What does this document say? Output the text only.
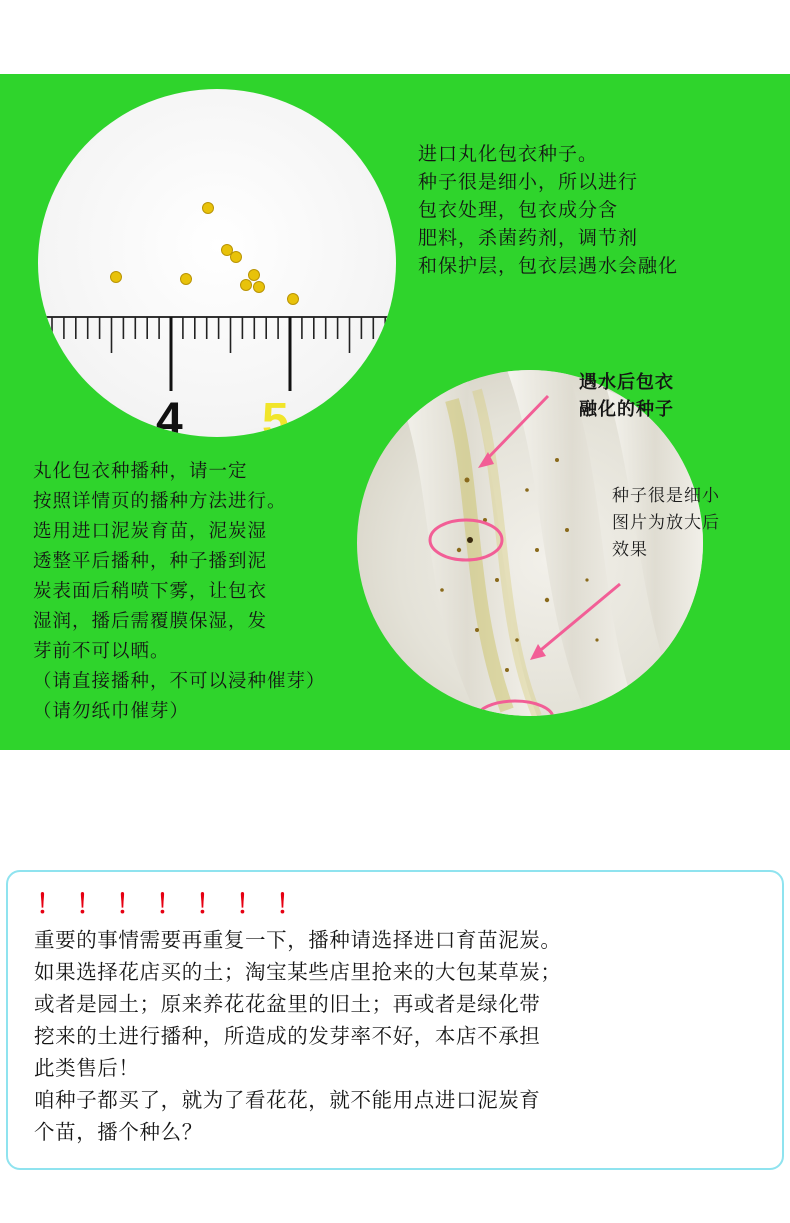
4 5
进口丸化包衣种子。
种子很是细小，所以进行
包衣处理，包衣成分含
肥料，杀菌药剂，调节剂
和保护层，包衣层遇水会融化
遇水后包衣
融化的种子
种子很是细小
图片为放大后
效果
丸化包衣种播种，请一定
按照详情页的播种方法进行。
选用进口泥炭育苗，泥炭湿
透整平后播种，种子播到泥
炭表面后稍喷下雾，让包衣
湿润，播后需覆膜保湿，发
芽前不可以晒。
（请直接播种，不可以浸种催芽）
（请勿纸巾催芽）
！！！！！！！
重要的事情需要再重复一下，播种请选择进口育苗泥炭。
如果选择花店买的土；淘宝某些店里抢来的大包某草炭；
或者是园土；原来养花花盆里的旧土；再或者是绿化带
挖来的土进行播种，所造成的发芽率不好，本店不承担
此类售后！
咱种子都买了，就为了看花花，就不能用点进口泥炭育
个苗，播个种么？
